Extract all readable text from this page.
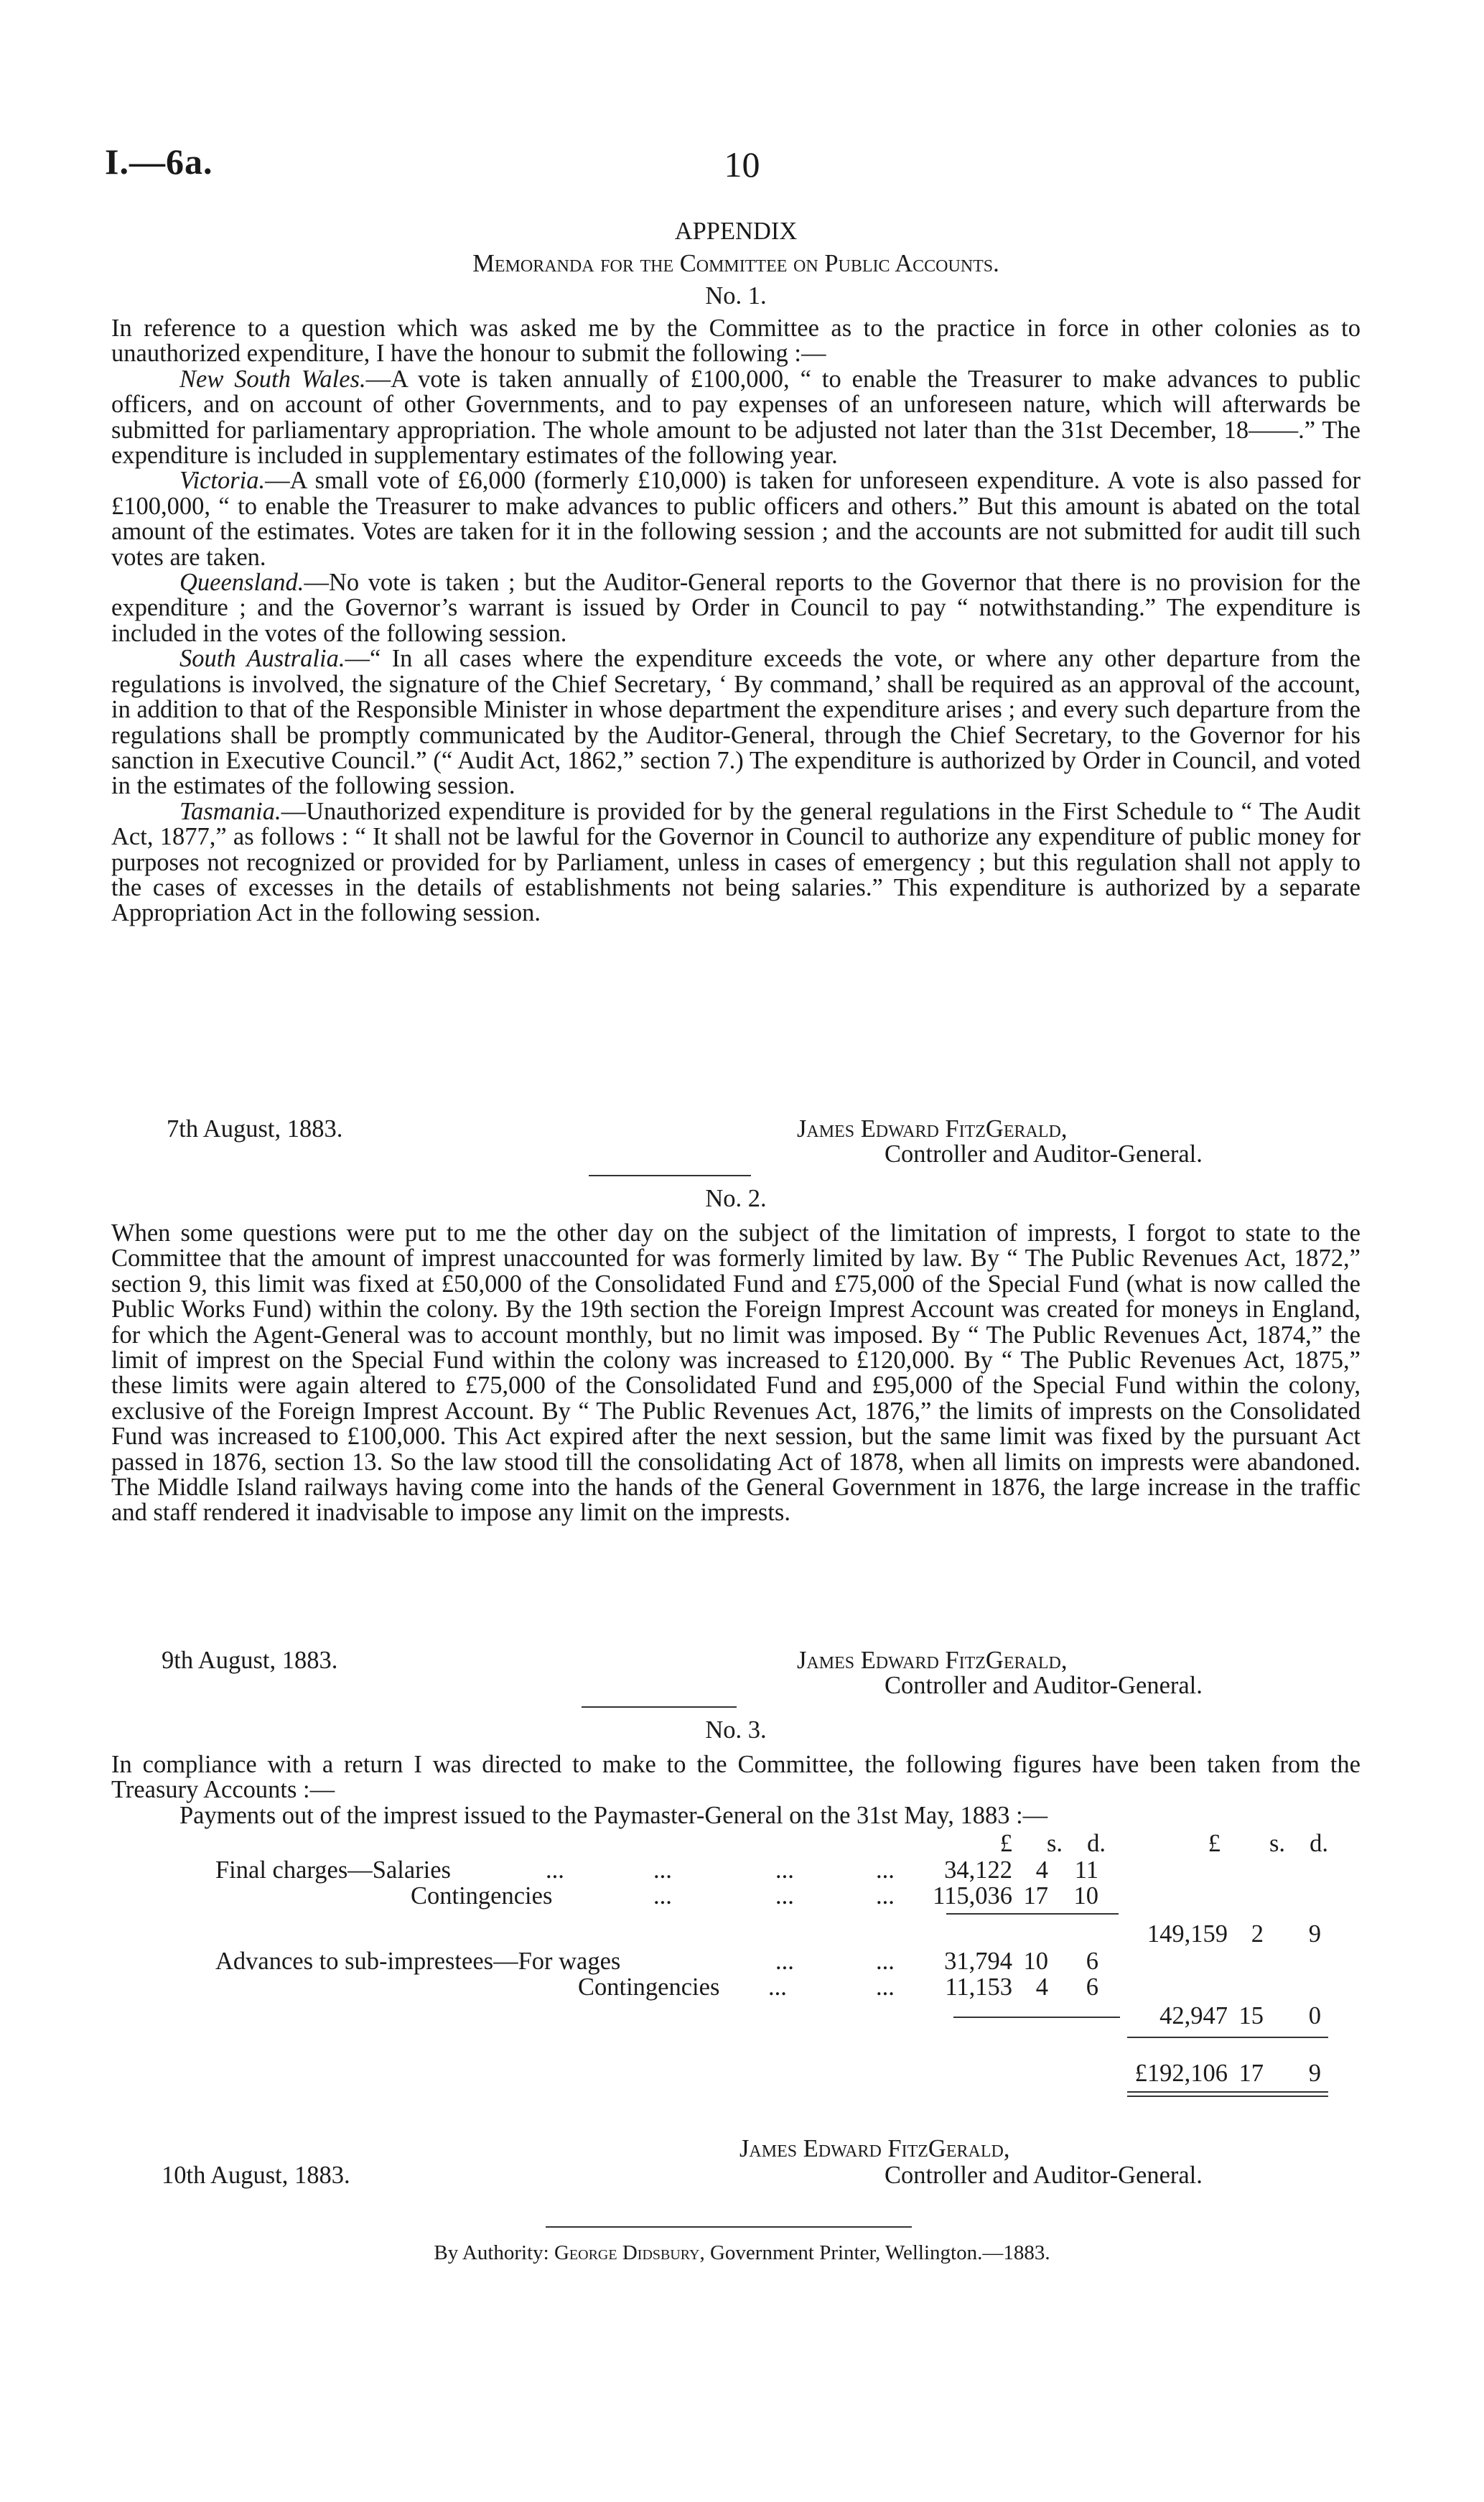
I.—6a.	10
APPENDIX
Memoranda for the Committee on Public Accounts.
No. 1.

In reference to a question which was asked me by the Committee as to the practice in force in other colonies as to unauthorized expenditure, I have the honour to submit the following :—

New South Wales.—A vote is taken annually of £100,000, “ to enable the Treasurer to make advances to public officers, and on account of other Governments, and to pay expenses of an unforeseen nature, which will afterwards be submitted for parliamentary appropriation. The whole amount to be adjusted not later than the 31st December, 18——.” The expenditure is included in supplementary estimates of the following year.

Victoria.—A small vote of £6,000 (formerly £10,000) is taken for unforeseen expenditure. A vote is also passed for £100,000, “ to enable the Treasurer to make advances to public officers and others.” But this amount is abated on the total amount of the estimates. Votes are taken for it in the following session ; and the accounts are not submitted for audit till such votes are taken.

Queensland.—No vote is taken ; but the Auditor-General reports to the Governor that there is no provision for the expenditure ; and the Governor’s warrant is issued by Order in Council to pay “ notwithstanding.” The expenditure is included in the votes of the following session.

South Australia.—“ In all cases where the expenditure exceeds the vote, or where any other departure from the regulations is involved, the signature of the Chief Secretary, ‘ By command,’ shall be required as an approval of the account, in addition to that of the Responsible Minister in whose department the expenditure arises ; and every such departure from the regulations shall be promptly communicated by the Auditor-General, through the Chief Secretary, to the Governor for his sanction in Executive Council.” (“ Audit Act, 1862,” section 7.) The expenditure is authorized by Order in Council, and voted in the estimates of the following session.

Tasmania.—Unauthorized expenditure is provided for by the general regulations in the First Schedule to “ The Audit Act, 1877,” as follows : “ It shall not be lawful for the Governor in Council to authorize any expenditure of public money for purposes not recognized or provided for by Parliament, unless in cases of emergency ; but this regulation shall not apply to the cases of excesses in the details of establishments not being salaries.” This expenditure is authorized by a separate Appropriation Act in the following session.

7th August, 1883.	James Edward FitzGerald,
Controller and Auditor-General.
No. 2.

When some questions were put to me the other day on the subject of the limitation of imprests, I forgot to state to the Committee that the amount of imprest unaccounted for was formerly limited by law. By “ The Public Revenues Act, 1872,” section 9, this limit was fixed at £50,000 of the Consolidated Fund and £75,000 of the Special Fund (what is now called the Public Works Fund) within the colony. By the 19th section the Foreign Imprest Account was created for moneys in England, for which the Agent-General was to account monthly, but no limit was imposed. By “ The Public Revenues Act, 1874,” the limit of imprest on the Special Fund within the colony was increased to £120,000. By “ The Public Revenues Act, 1875,” these limits were again altered to £75,000 of the Consolidated Fund and £95,000 of the Special Fund within the colony, exclusive of the Foreign Imprest Account. By “ The Public Revenues Act, 1876,” the limits of imprests on the Consolidated Fund was increased to £100,000. This Act expired after the next session, but the same limit was fixed by the pursuant Act passed in 1876, section 13. So the law stood till the consolidating Act of 1878, when all limits on imprests were abandoned. The Middle Island railways having come into the hands of the General Government in 1876, the large increase in the traffic and staff rendered it inadvisable to impose any limit on the imprests.

9th August, 1883.	James Edward FitzGerald,
Controller and Auditor-General.
No. 3.

In compliance with a return I was directed to make to the Committee, the following figures have been taken from the Treasury Accounts :—

Payments out of the imprest issued to the Paymaster-General on the 31st May, 1883 :—

£	s. d.	£	s. d.
Final charges—Salaries	...	...	...	...	34,122 4	11
Contingencies	...	...	...	115,036 17	10
149,159 2	9
Advances to sub-imprestees—For wages	...	...	31,794 10	6
Contingencies ...	...	11,153 4	6
42,947 15	0
£192,106 17	9
James Edward FitzGerald,
10th August, 1883.	Controller and Auditor-General.
By Authority: George Didsbury, Government Printer, Wellington.—1883.
